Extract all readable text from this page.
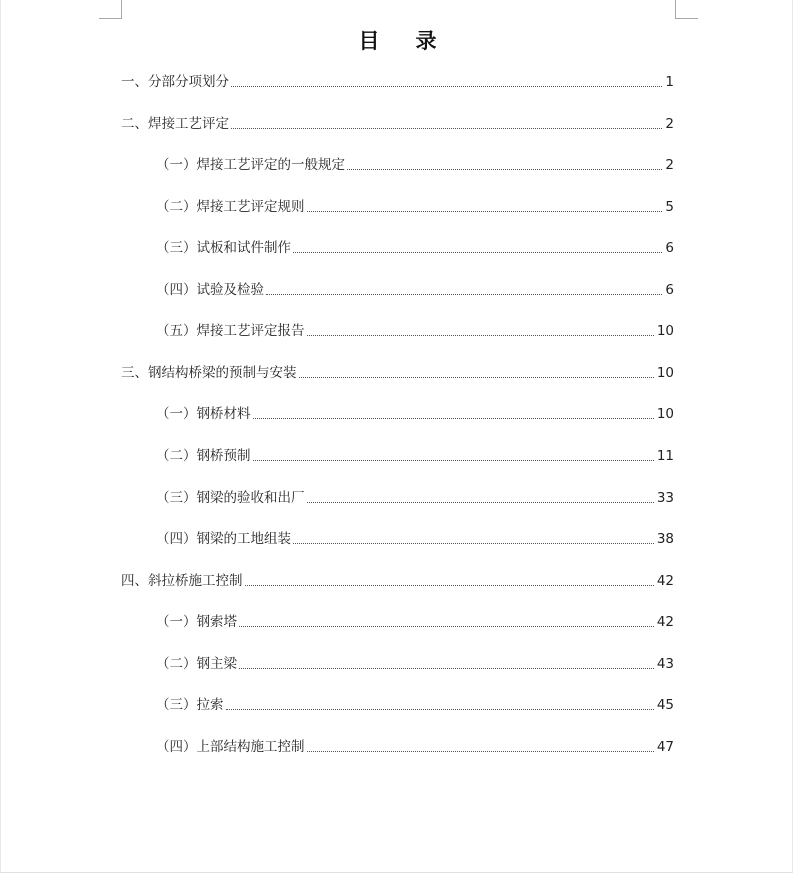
目录
一、分部分项划分	1
二、焊接工艺评定	2
（一）焊接工艺评定的一般规定	2
（二）焊接工艺评定规则	5
（三）试板和试件制作	6
（四）试验及检验	6
（五）焊接工艺评定报告	10
三、钢结构桥梁的预制与安装	10
（一）钢桥材料	10
（二）钢桥预制	11
（三）钢梁的验收和出厂	33
（四）钢梁的工地组装	38
四、斜拉桥施工控制	42
（一）钢索塔	42
（二）钢主梁	43
（三）拉索	45
（四）上部结构施工控制	47
